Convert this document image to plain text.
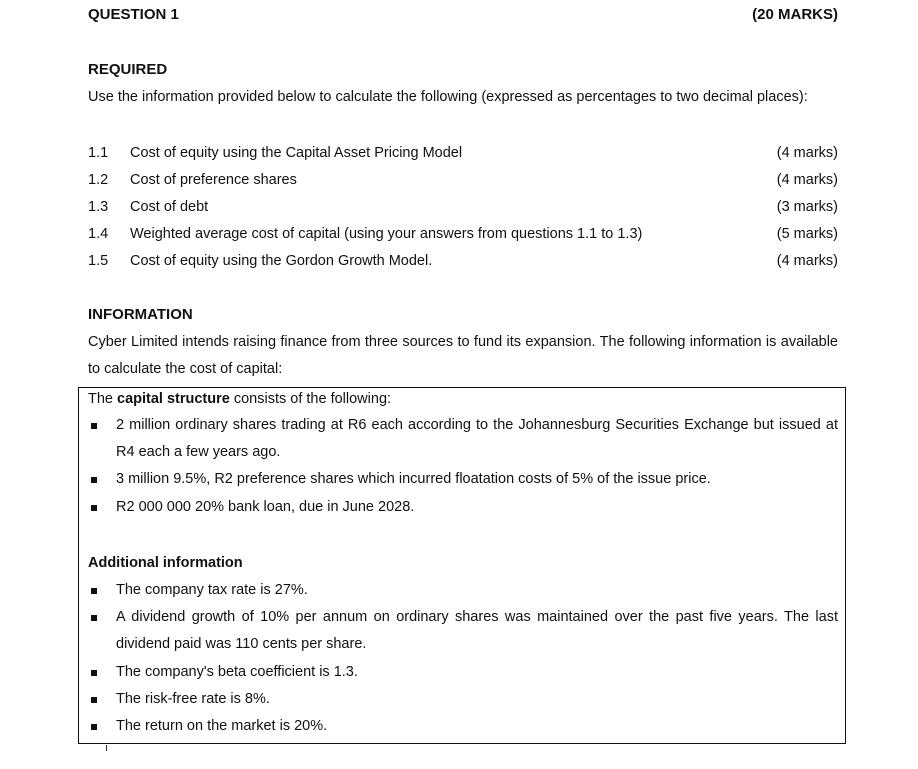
QUESTION 1	(20 MARKS)
REQUIRED
Use the information provided below to calculate the following (expressed as percentages to two decimal places):
1.1	Cost of equity using the Capital Asset Pricing Model	(4 marks)
1.2	Cost of preference shares	(4 marks)
1.3	Cost of debt	(3 marks)
1.4	Weighted average cost of capital (using your answers from questions 1.1 to 1.3)	(5 marks)
1.5	Cost of equity using the Gordon Growth Model.	(4 marks)
INFORMATION
Cyber Limited intends raising finance from three sources to fund its expansion. The following information is available to calculate the cost of capital:
The capital structure consists of the following:
2 million ordinary shares trading at R6 each according to the Johannesburg Securities Exchange but issued at R4 each a few years ago.
3 million 9.5%, R2 preference shares which incurred floatation costs of 5% of the issue price.
R2 000 000 20% bank loan, due in June 2028.
Additional information
The company tax rate is 27%.
A dividend growth of 10% per annum on ordinary shares was maintained over the past five years. The last dividend paid was 110 cents per share.
The company's beta coefficient is 1.3.
The risk-free rate is 8%.
The return on the market is 20%.
